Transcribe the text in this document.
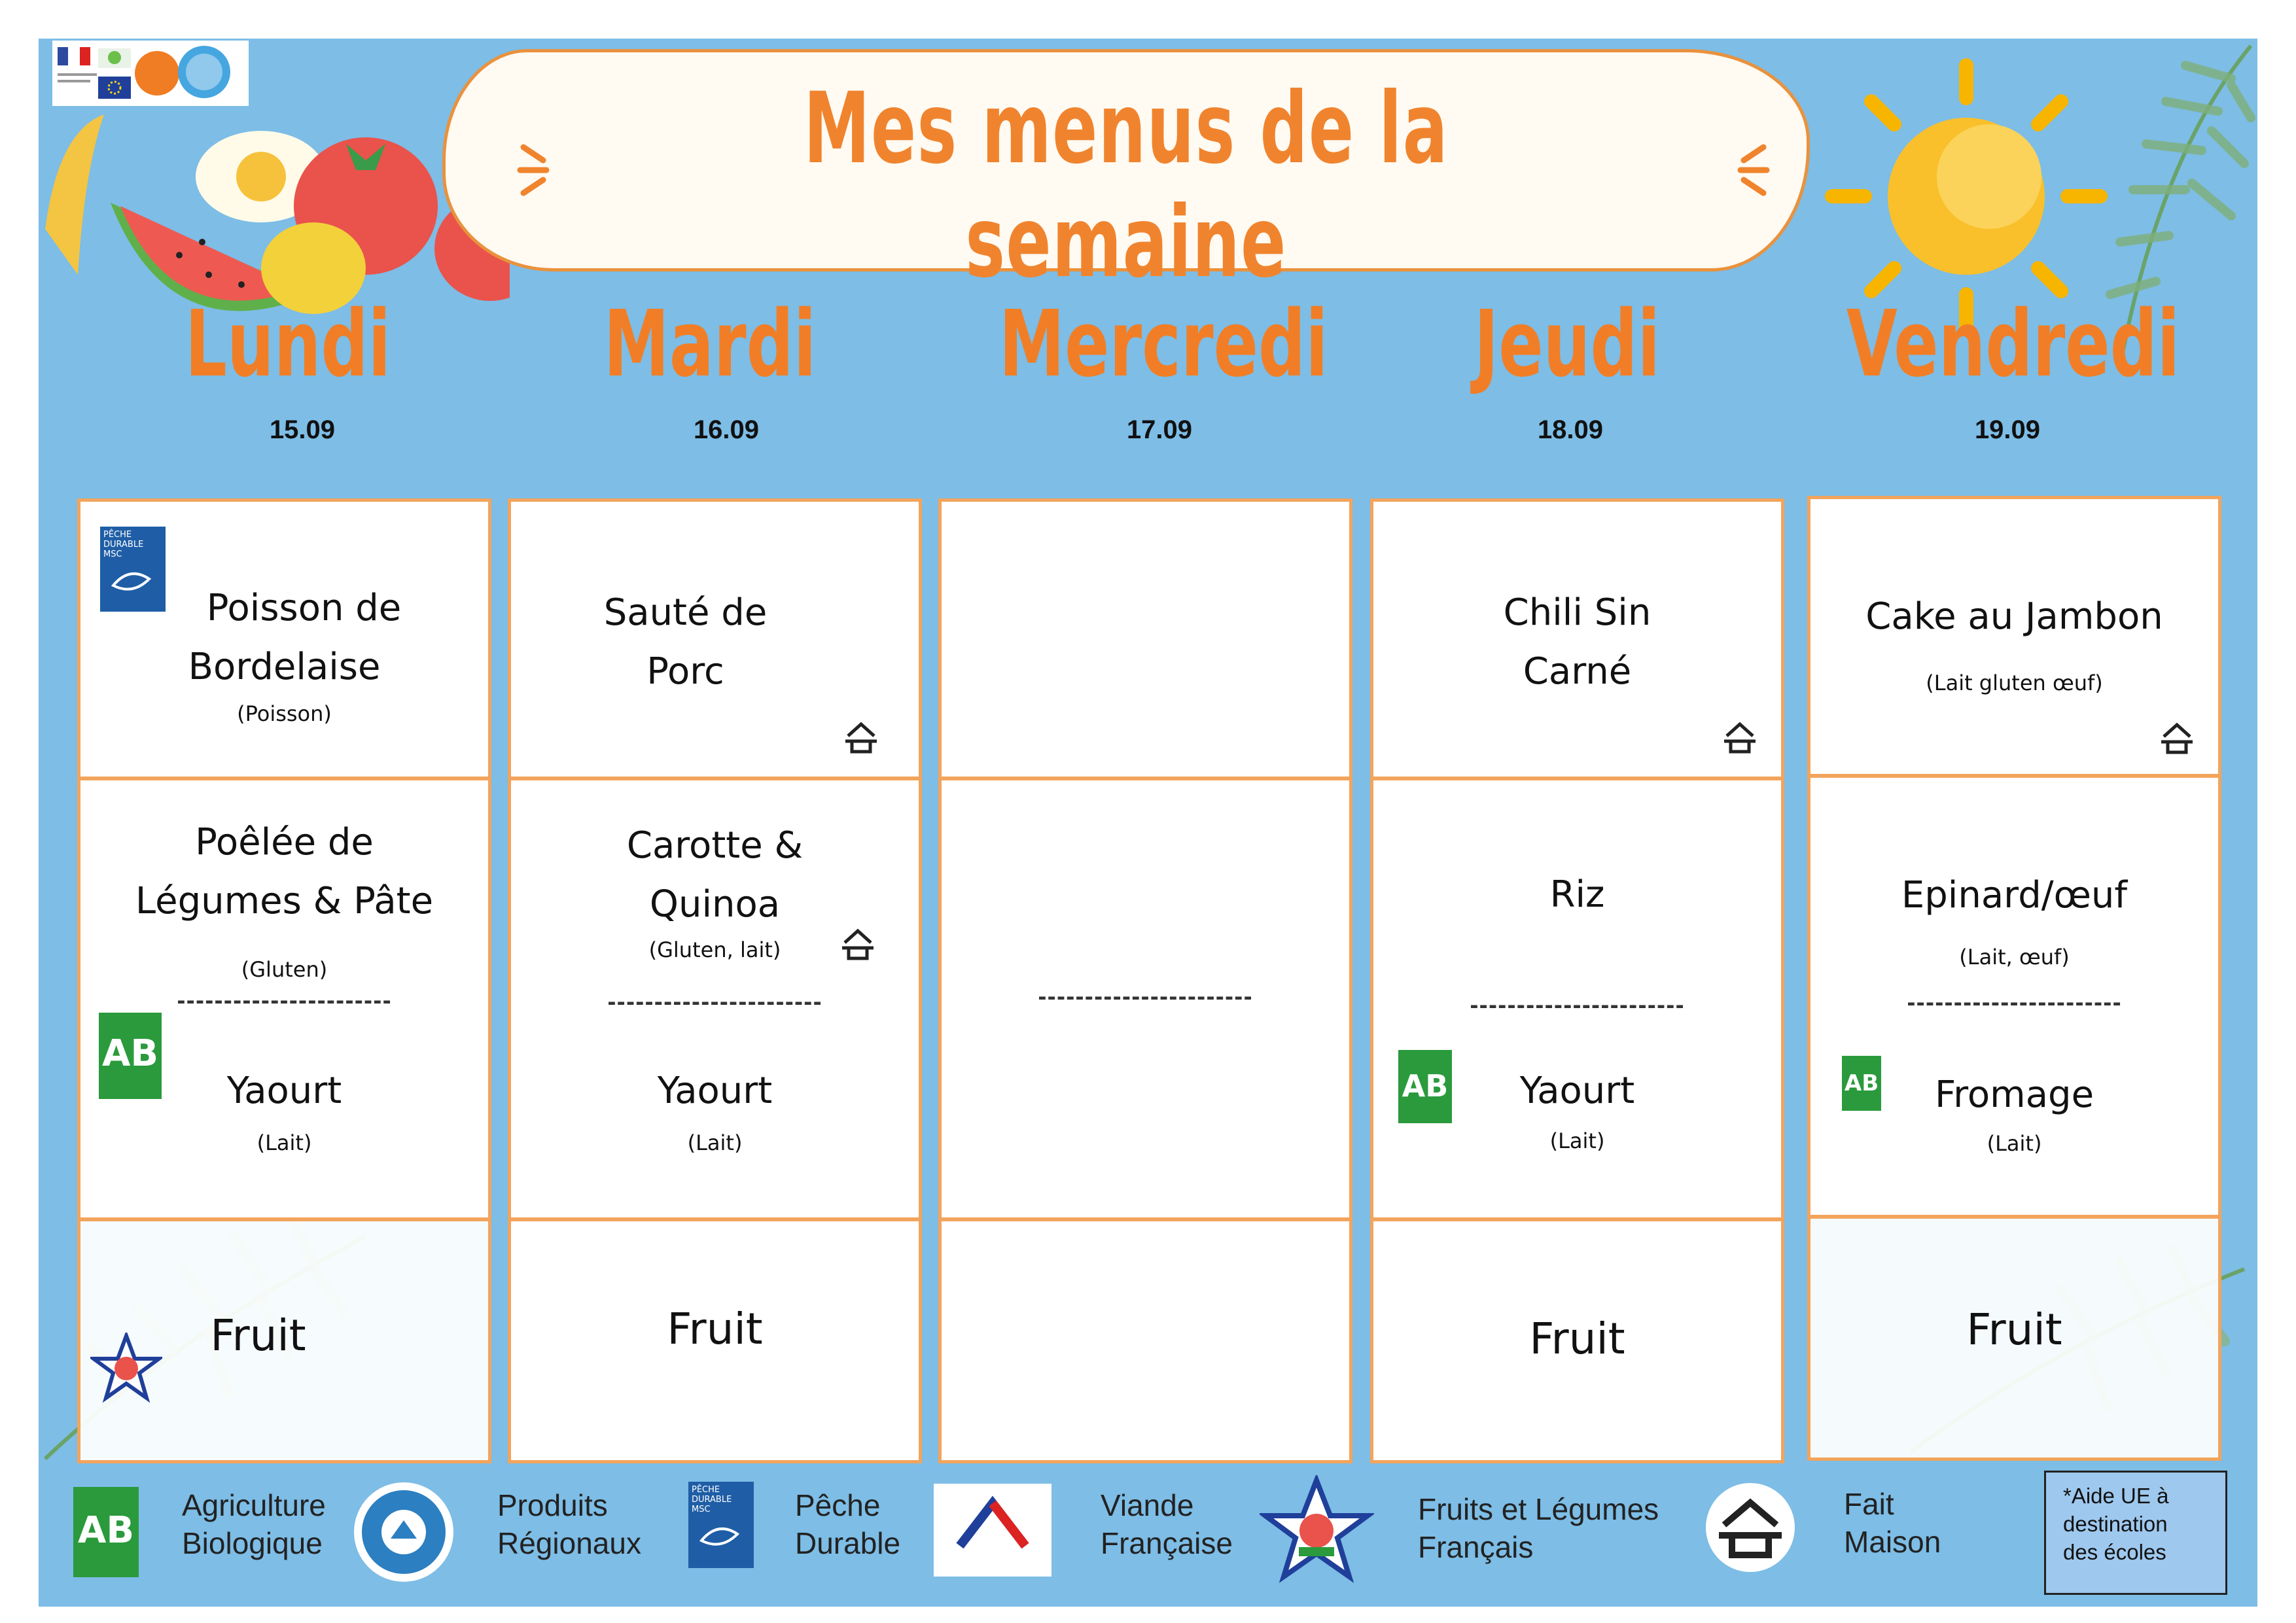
Mes menus de la semaine
Lundi
15.09
Mardi
16.09
Mercredi
17.09
Jeudi
18.09
Vendredi
19.09
PÊCHE
DURABLE
MSC
Poisson de
Bordelaise
(Poisson)
Poêlée de
Légumes & Pâte
(Gluten)
-----------------------
AB
Yaourt
(Lait)
Fruit
Sauté de
Porc
Carotte &
Quinoa
(Gluten, lait)
-----------------------
Yaourt
(Lait)
Fruit
-----------------------
Chili Sin
Carné
Riz
-----------------------
AB	Yaourt
(Lait)
Fruit
Cake au Jambon
(Lait gluten œuf)
Epinard/œuf
(Lait, œuf)
-----------------------
AB	Fromage
(Lait)
Fruit
AB
Agriculture
Biologique
Produits
Régionaux
PÊCHE
DURABLE
MSC	Pêche
Durable
Viande
Française
Fruits et Légumes
Français
Fait
Maison
*Aide UE à
destination
des écoles
